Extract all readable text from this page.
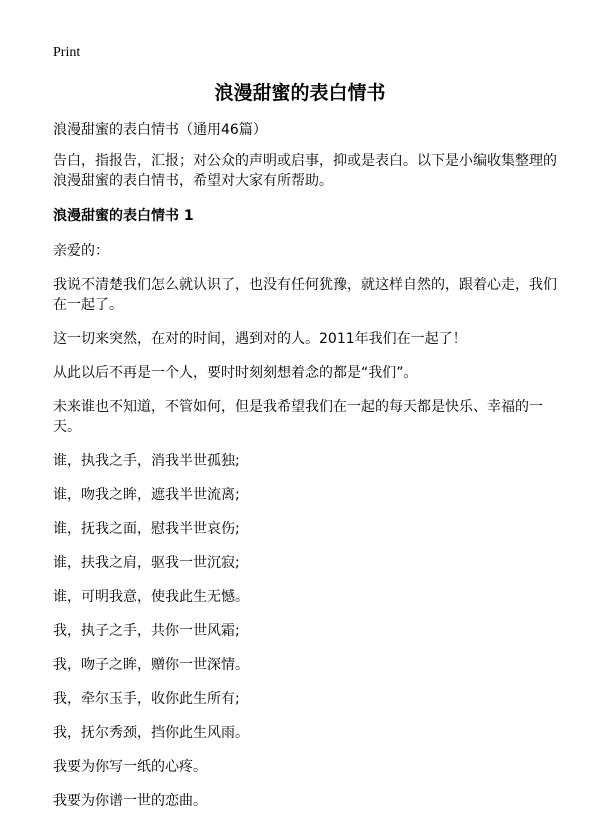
Print
浪漫甜蜜的表白情书

浪漫甜蜜的表白情书（通用46篇）

告白，指报告，汇报；对公众的声明或启事，抑或是表白。以下是小编收集整理的浪漫甜蜜的表白情书，希望对大家有所帮助。

浪漫甜蜜的表白情书 1

亲爱的：

我说不清楚我们怎么就认识了，也没有任何犹豫，就这样自然的，跟着心走，我们在一起了。

这一切来突然，在对的时间，遇到对的人。2011年我们在一起了！

从此以后不再是一个人，要时时刻刻想着念的都是“我们”。

未来谁也不知道，不管如何，但是我希望我们在一起的每天都是快乐、幸福的一天。

谁，执我之手，消我半世孤独;

谁，吻我之眸，遮我半世流离;

谁，抚我之面，慰我半世哀伤;

谁，扶我之肩，驱我一世沉寂;

谁，可明我意，使我此生无憾。

我，执子之手，共你一世风霜;

我，吻子之眸，赠你一世深情。

我，牵尔玉手，收你此生所有;

我，抚尔秀颈，挡你此生风雨。

我要为你写一纸的心疼。

我要为你谱一世的恋曲。
